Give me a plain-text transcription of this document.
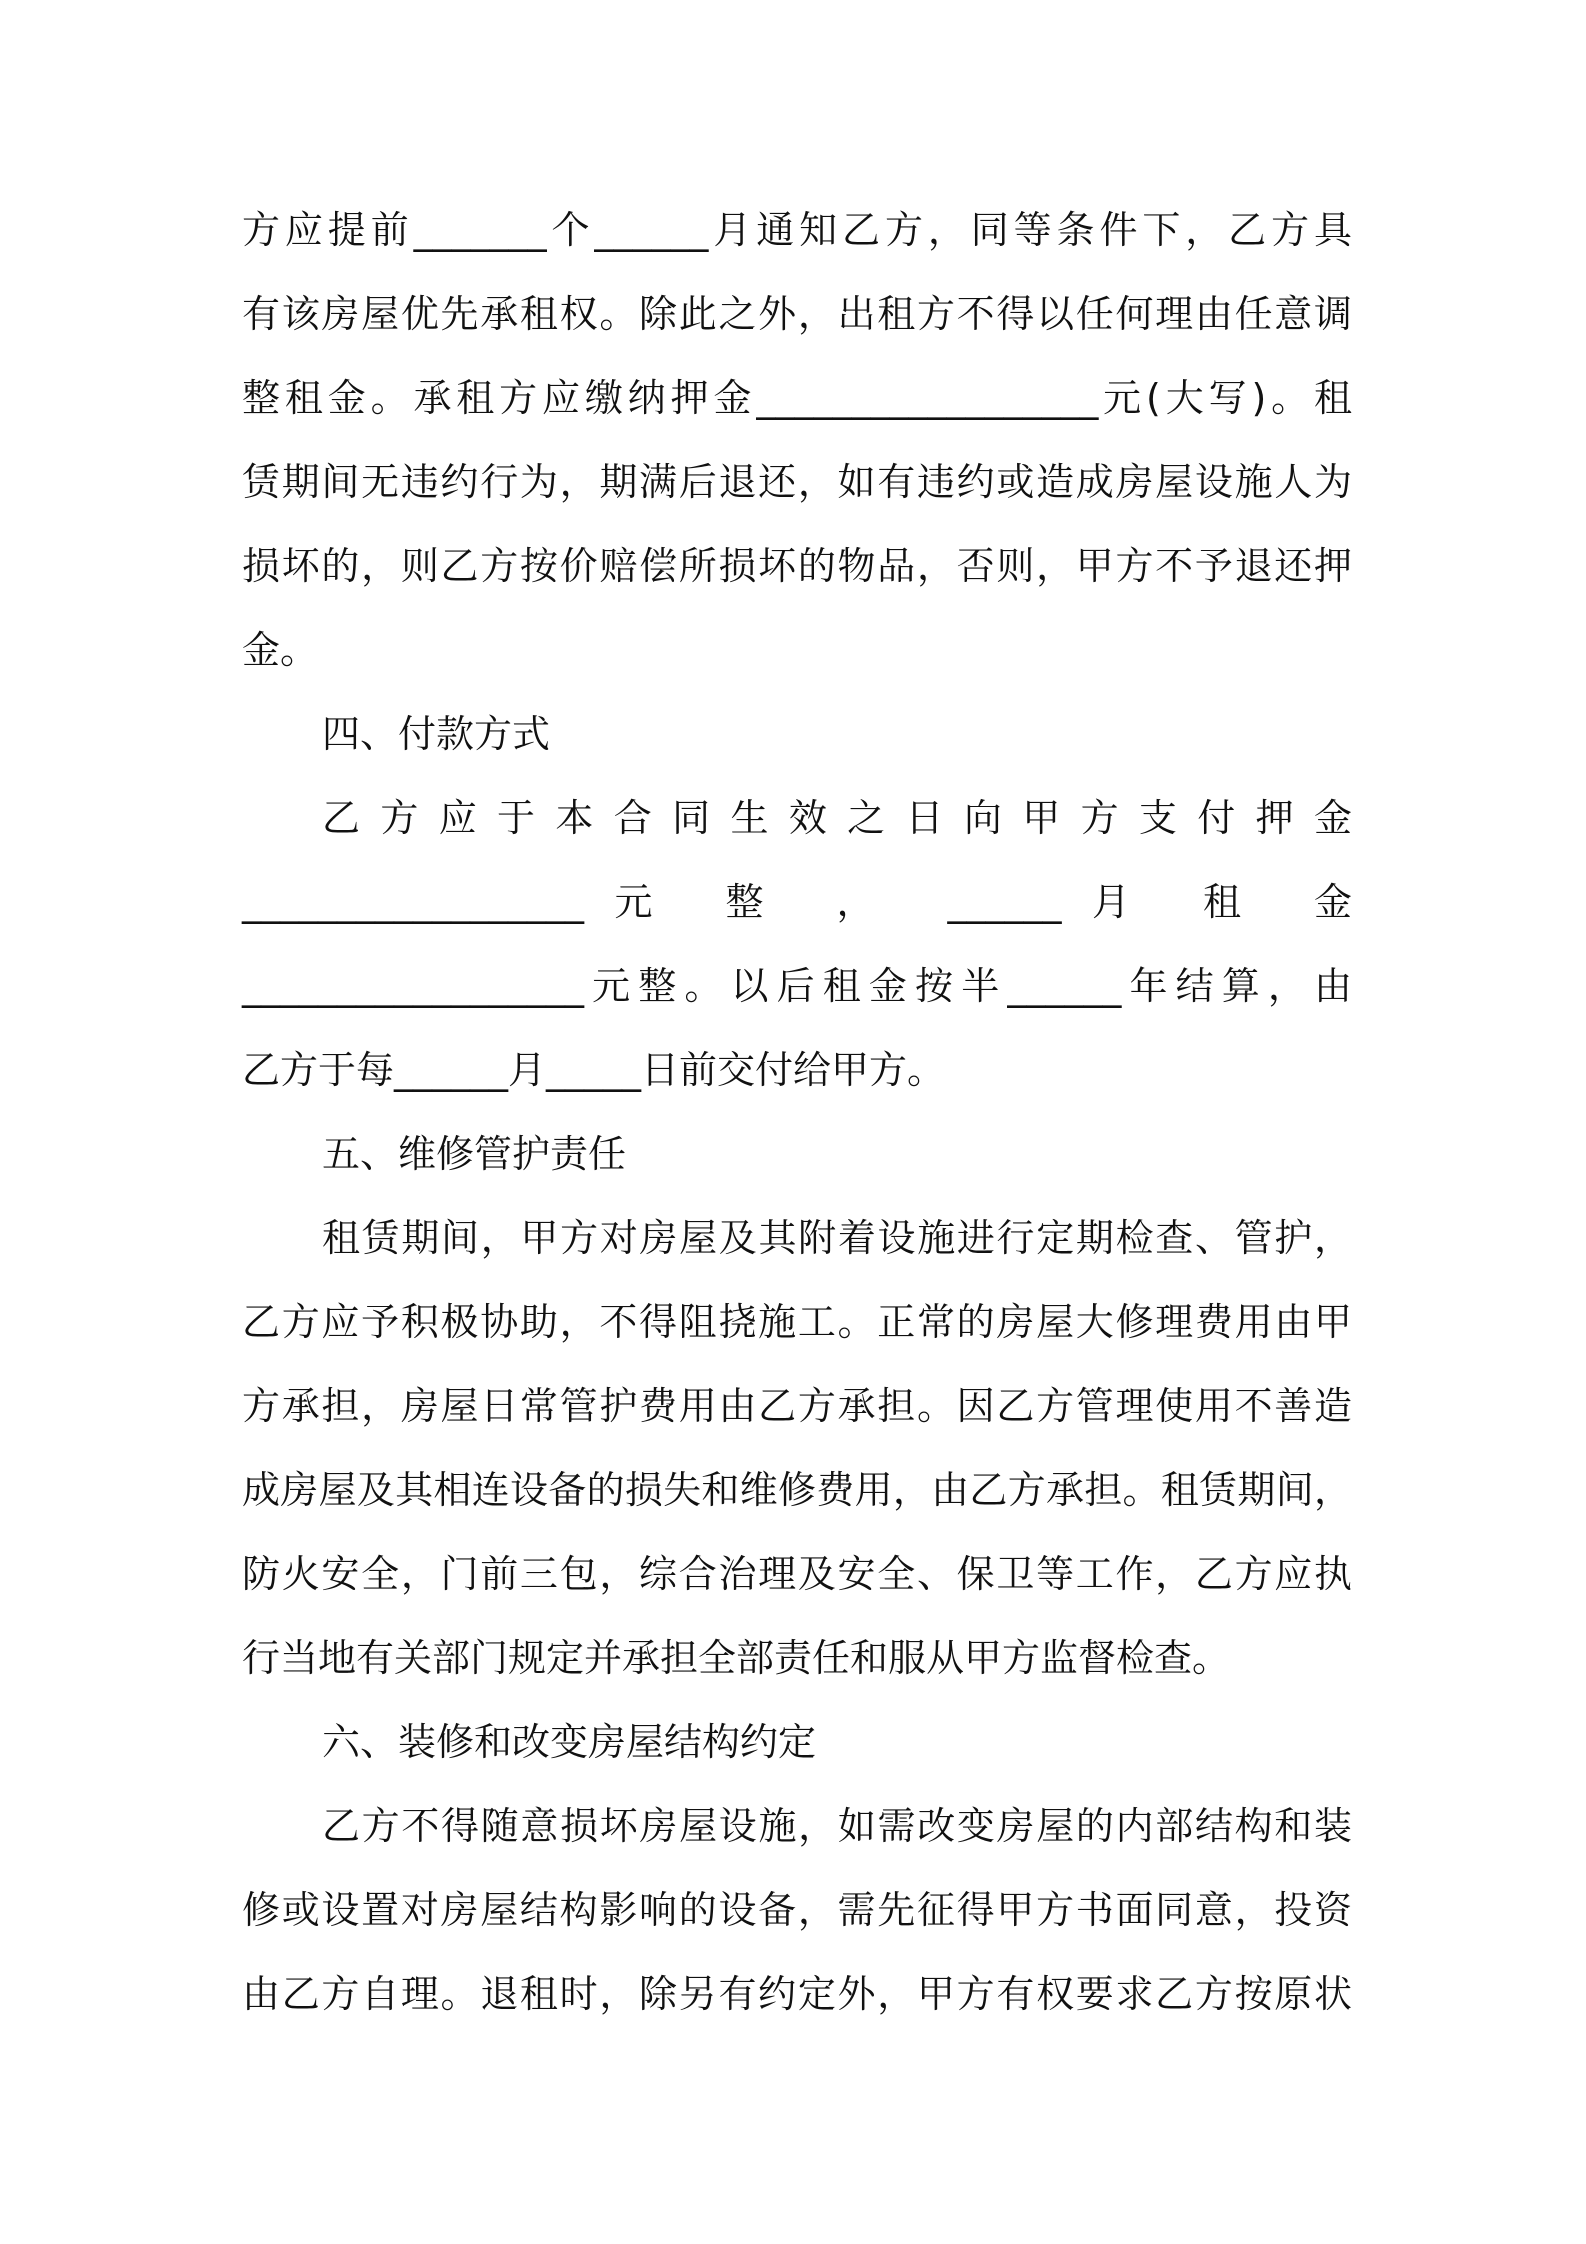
方应提前_______个______月通知乙方，同等条件下，乙方具
有该房屋优先承租权。除此之外，出租方不得以任何理由任意调
整租金。承租方应缴纳押金__________________元(大写)。租
赁期间无违约行为，期满后退还，如有违约或造成房屋设施人为
损坏的，则乙方按价赔偿所损坏的物品，否则，甲方不予退还押
金。
四、付款方式
乙方应于本合同生效之日向甲方支付押金
__________________元 整 ， ______月 租 金
__________________元整。以后租金按半______年结算，由
乙方于每______月_____日前交付给甲方。
五、维修管护责任
租赁期间，甲方对房屋及其附着设施进行定期检查、管护，
乙方应予积极协助，不得阻挠施工。正常的房屋大修理费用由甲
方承担，房屋日常管护费用由乙方承担。因乙方管理使用不善造
成房屋及其相连设备的损失和维修费用，由乙方承担。租赁期间，
防火安全，门前三包，综合治理及安全、保卫等工作，乙方应执
行当地有关部门规定并承担全部责任和服从甲方监督检查。
六、装修和改变房屋结构约定
乙方不得随意损坏房屋设施，如需改变房屋的内部结构和装
修或设置对房屋结构影响的设备，需先征得甲方书面同意，投资
由乙方自理。退租时，除另有约定外，甲方有权要求乙方按原状
